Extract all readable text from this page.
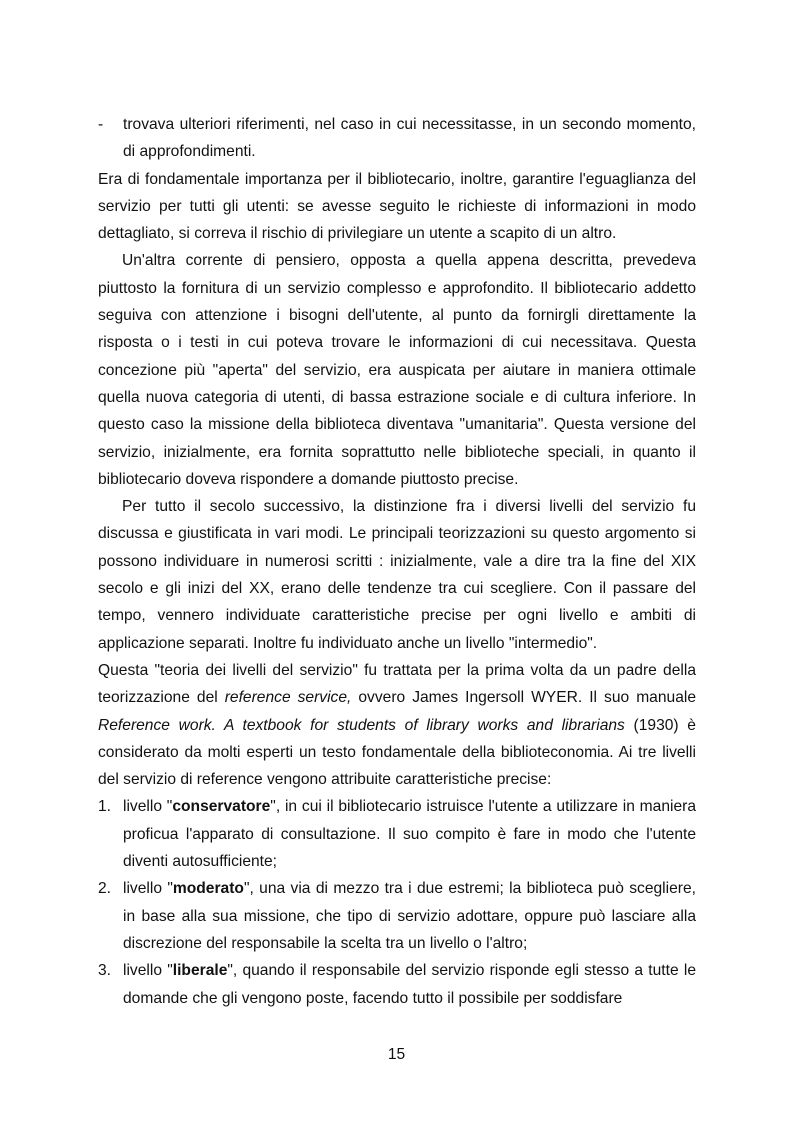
- trovava ulteriori riferimenti, nel caso in cui necessitasse, in un secondo momento, di approfondimenti.

Era di fondamentale importanza per il bibliotecario, inoltre, garantire l'eguaglianza del servizio per tutti gli utenti: se avesse seguito le richieste di informazioni in modo dettagliato, si correva il rischio di privilegiare un utente a scapito di un altro.

Un'altra corrente di pensiero, opposta a quella appena descritta, prevedeva piuttosto la fornitura di un servizio complesso e approfondito. Il bibliotecario addetto seguiva con attenzione i bisogni dell'utente, al punto da fornirgli direttamente la risposta o i testi in cui poteva trovare le informazioni di cui necessitava. Questa concezione più "aperta" del servizio, era auspicata per aiutare in maniera ottimale quella nuova categoria di utenti, di bassa estrazione sociale e di cultura inferiore. In questo caso la missione della biblioteca diventava "umanitaria". Questa versione del servizio, inizialmente, era fornita soprattutto nelle biblioteche speciali, in quanto il bibliotecario doveva rispondere a domande piuttosto precise.

Per tutto il secolo successivo, la distinzione fra i diversi livelli del servizio fu discussa e giustificata in vari modi. Le principali teorizzazioni su questo argomento si possono individuare in numerosi scritti : inizialmente, vale a dire tra la fine del XIX secolo e gli inizi del XX, erano delle tendenze tra cui scegliere. Con il passare del tempo, vennero individuate caratteristiche precise per ogni livello e ambiti di applicazione separati. Inoltre fu individuato anche un livello "intermedio".

Questa "teoria dei livelli del servizio" fu trattata per la prima volta da un padre della teorizzazione del reference service, ovvero James Ingersoll WYER. Il suo manuale Reference work. A textbook for students of library works and librarians (1930) è considerato da molti esperti un testo fondamentale della biblioteconomia. Ai tre livelli del servizio di reference vengono attribuite caratteristiche precise:

1. livello "conservatore", in cui il bibliotecario istruisce l'utente a utilizzare in maniera proficua l'apparato di consultazione. Il suo compito è fare in modo che l'utente diventi autosufficiente;

2. livello "moderato", una via di mezzo tra i due estremi; la biblioteca può scegliere, in base alla sua missione, che tipo di servizio adottare, oppure può lasciare alla discrezione del responsabile la scelta tra un livello o l'altro;

3. livello "liberale", quando il responsabile del servizio risponde egli stesso a tutte le domande che gli vengono poste, facendo tutto il possibile per soddisfare

15
